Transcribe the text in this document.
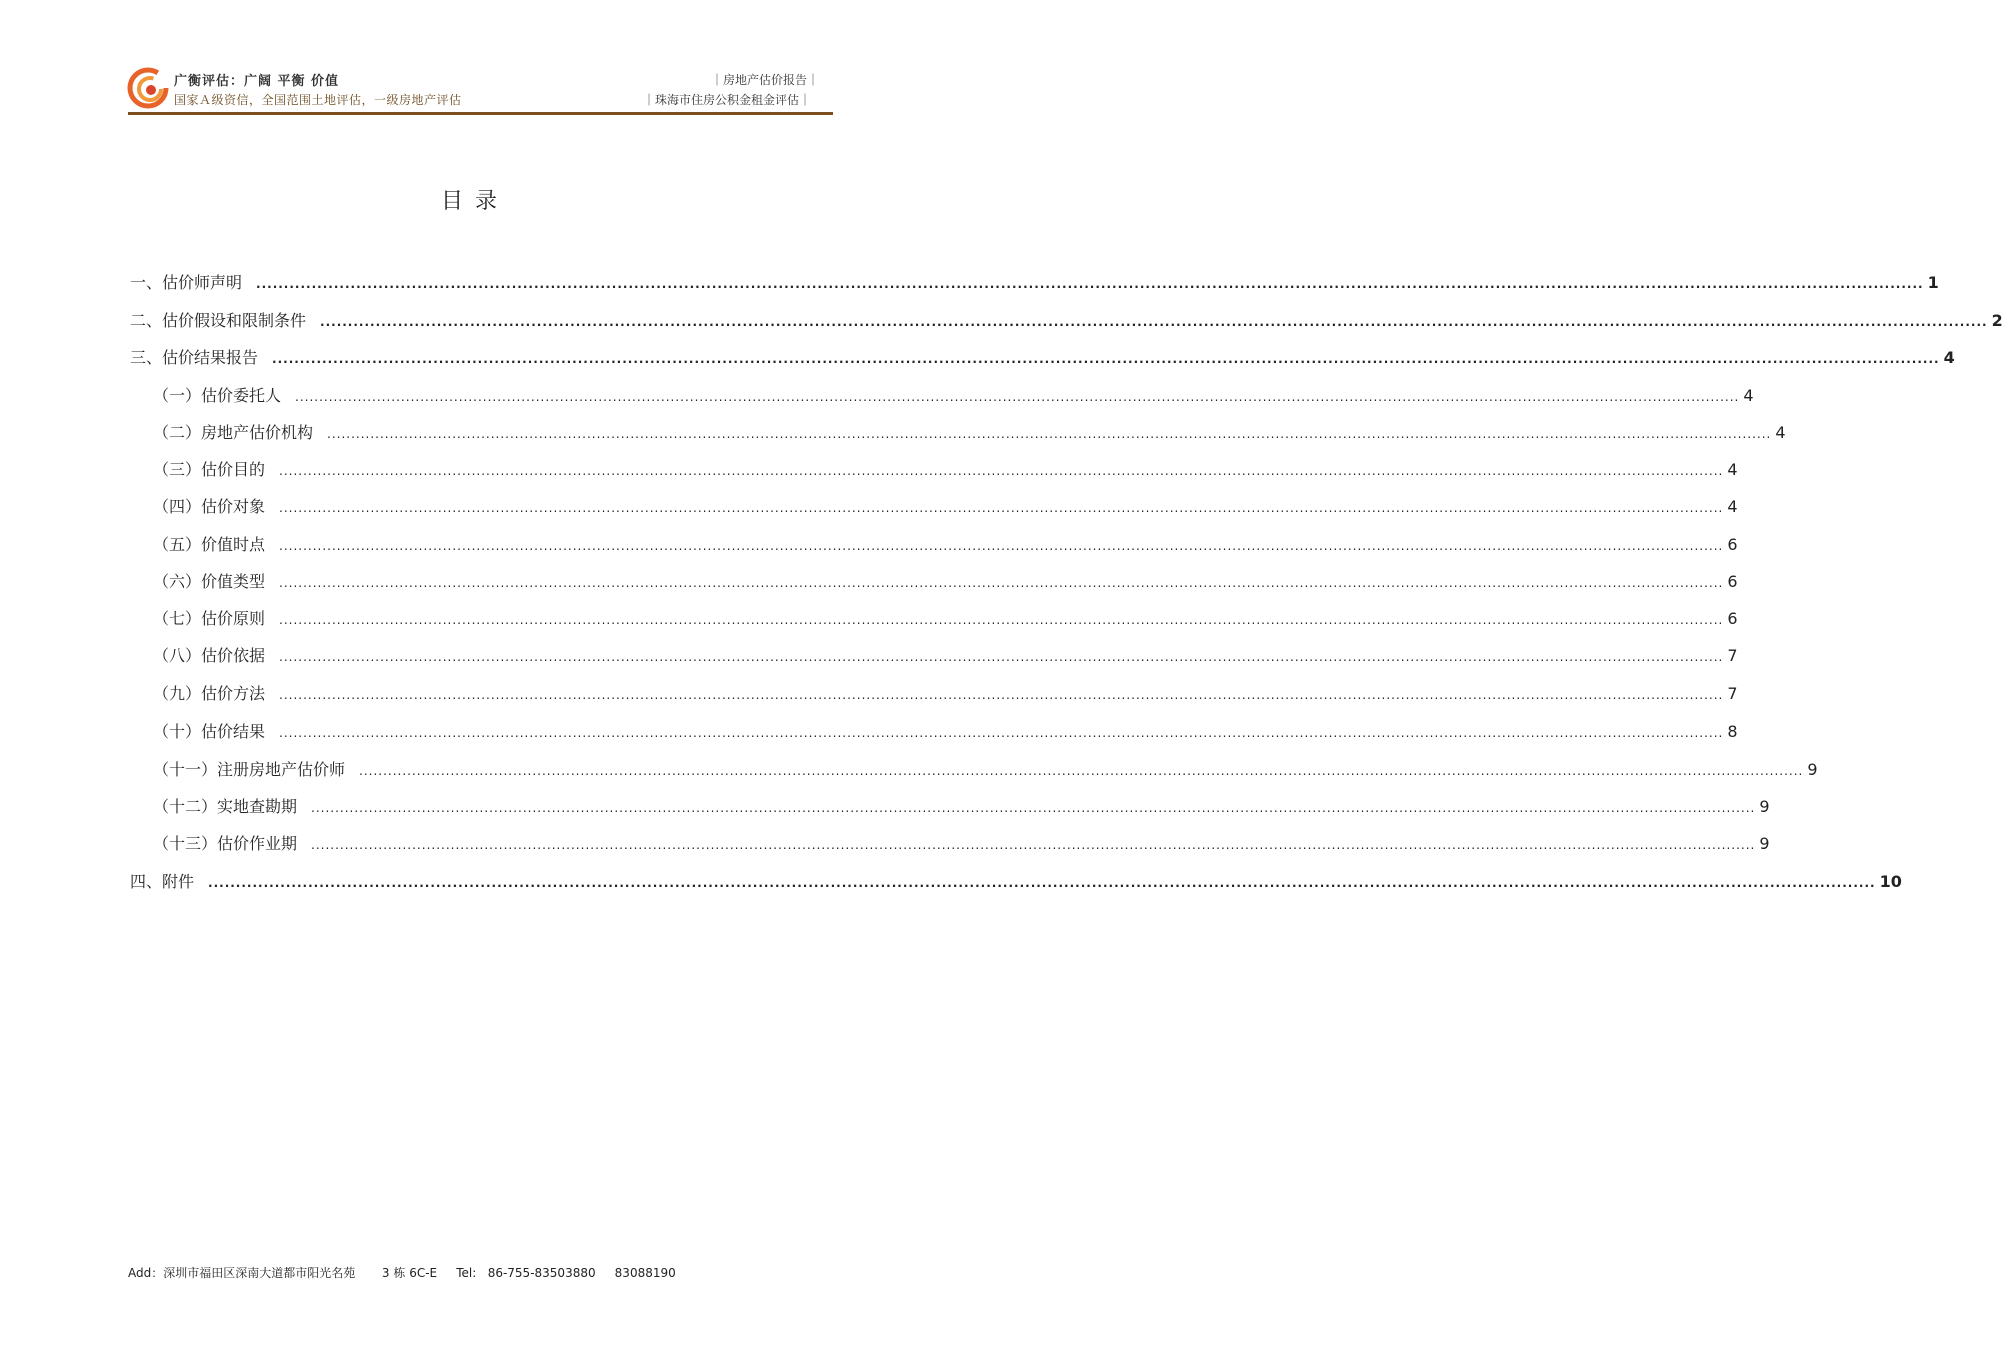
广衡评估：广阔 平衡 价值
国家Ａ级资信，全国范围土地评估，一级房地产评估
｜房地产估价报告｜
｜珠海市住房公积金租金评估｜
目录
一、估价师声明 ............................................................................................................................................................................................................................................................................................................ 1
二、估价假设和限制条件 ............................................................................................................................................................................................................................................................................................................ 2
三、估价结果报告 ............................................................................................................................................................................................................................................................................................................ 4
（一）估价委托人 ............................................................................................................................................................................................................................................................................................................ 4
（二）房地产估价机构 ............................................................................................................................................................................................................................................................................................................ 4
（三）估价目的 ............................................................................................................................................................................................................................................................................................................ 4
（四）估价对象 ............................................................................................................................................................................................................................................................................................................ 4
（五）价值时点 ............................................................................................................................................................................................................................................................................................................ 6
（六）价值类型 ............................................................................................................................................................................................................................................................................................................ 6
（七）估价原则 ............................................................................................................................................................................................................................................................................................................ 6
（八）估价依据 ............................................................................................................................................................................................................................................................................................................ 7
（九）估价方法 ............................................................................................................................................................................................................................................................................................................ 7
（十）估价结果 ............................................................................................................................................................................................................................................................................................................ 8
（十一）注册房地产估价师 ............................................................................................................................................................................................................................................................................................................ 9
（十二）实地查勘期 ............................................................................................................................................................................................................................................................................................................ 9
（十三）估价作业期 ............................................................................................................................................................................................................................................................................................................ 9
四、附件 ............................................................................................................................................................................................................................................................................................................ 10
Add：深圳市福田区深南大道都市阳光名苑       3 栋 6C-E     Tel:   86-755-83503880     83088190
